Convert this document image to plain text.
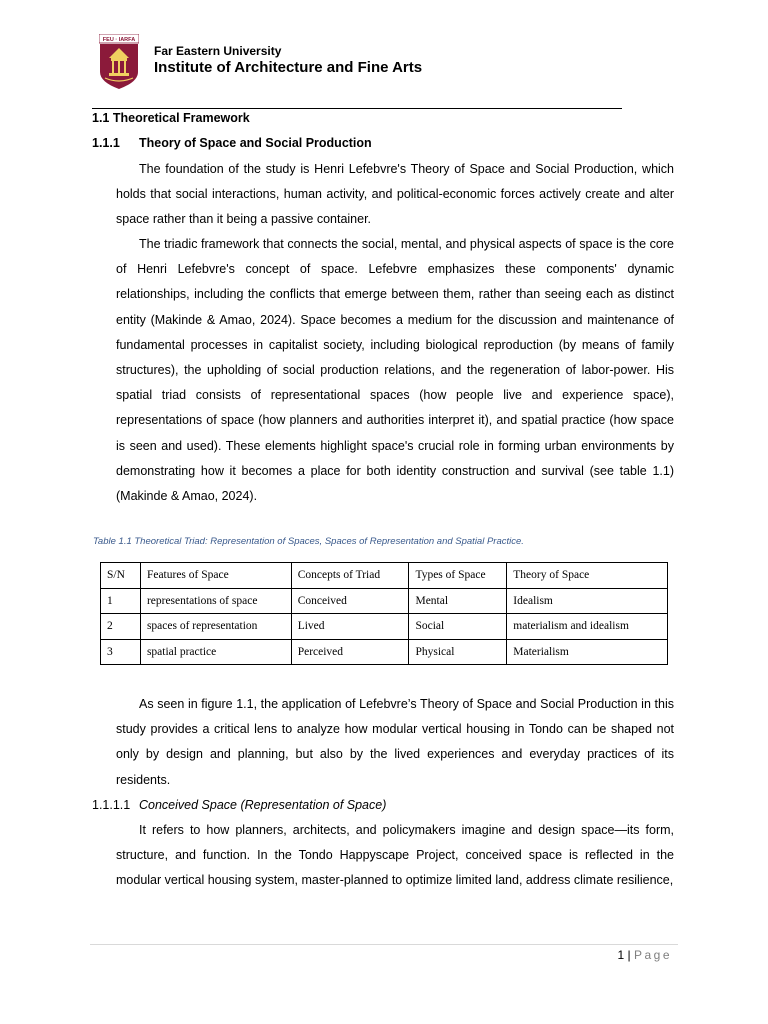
FEU · IARFA
Far Eastern University
Institute of Architecture and Fine Arts
1.1 Theoretical Framework
1.1.1 Theory of Space and Social Production

The foundation of the study is Henri Lefebvre's Theory of Space and Social Production, which holds that social interactions, human activity, and political-economic forces actively create and alter space rather than it being a passive container.

The triadic framework that connects the social, mental, and physical aspects of space is the core of Henri Lefebvre's concept of space. Lefebvre emphasizes these components' dynamic relationships, including the conflicts that emerge between them, rather than seeing each as distinct entity (Makinde & Amao, 2024). Space becomes a medium for the discussion and maintenance of fundamental processes in capitalist society, including biological reproduction (by means of family structures), the upholding of social production relations, and the regeneration of labor-power. His spatial triad consists of representational spaces (how people live and experience space), representations of space (how planners and authorities interpret it), and spatial practice (how space is seen and used). These elements highlight space's crucial role in forming urban environments by demonstrating how it becomes a place for both identity construction and survival (see table 1.1) (Makinde & Amao, 2024).

Table 1.1 Theoretical Triad: Representation of Spaces, Spaces of Representation and Spatial Practice.
S/N	Features of Space	Concepts of Triad	Types of Space	Theory of Space
1	representations of space	Conceived	Mental	Idealism
2	spaces of representation	Lived	Social	materialism and idealism
3	spatial practice	Perceived	Physical	Materialism

As seen in figure 1.1, the application of Lefebvre’s Theory of Space and Social Production in this study provides a critical lens to analyze how modular vertical housing in Tondo can be shaped not only by design and planning, but also by the lived experiences and everyday practices of its residents.

1.1.1.1 Conceived Space (Representation of Space)

It refers to how planners, architects, and policymakers imagine and design space—its form, structure, and function. In the Tondo Happyscape Project, conceived space is reflected in the modular vertical housing system, master-planned to optimize limited land, address climate resilience,

1 | Page
